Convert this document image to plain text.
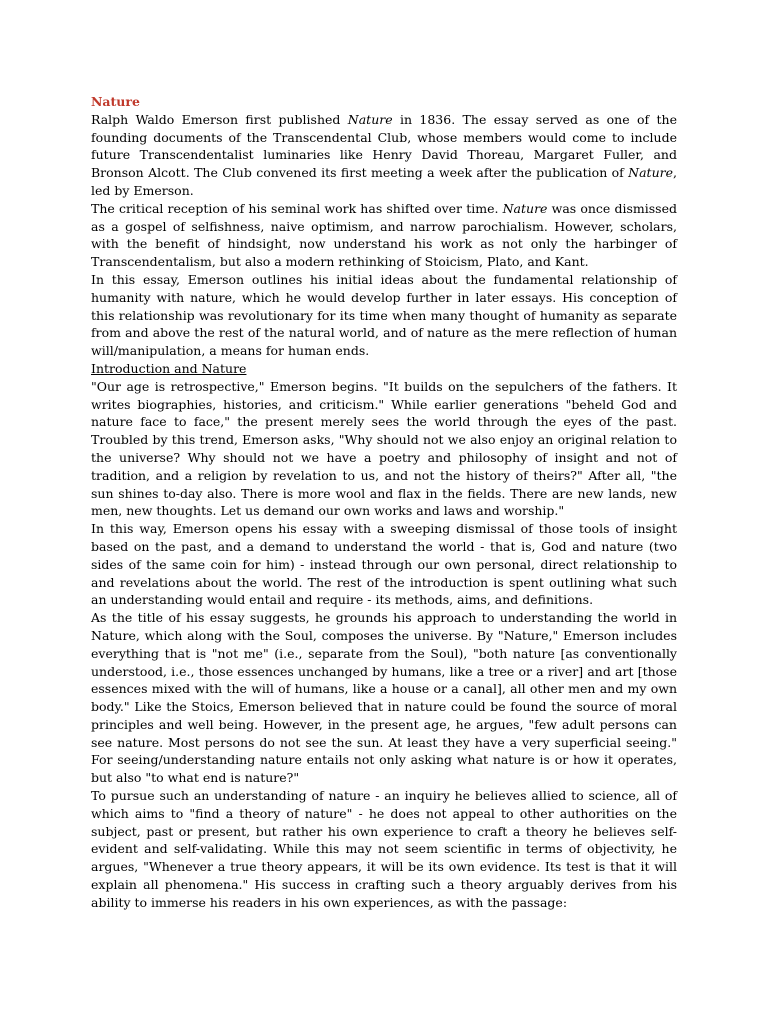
Nature

Ralph Waldo Emerson first published Nature in 1836. The essay served as one of the founding documents of the Transcendental Club, whose members would come to include future Transcendentalist luminaries like Henry David Thoreau, Margaret Fuller, and Bronson Alcott. The Club convened its first meeting a week after the publication of Nature, led by Emerson.

The critical reception of his seminal work has shifted over time. Nature was once dismissed as a gospel of selfishness, naive optimism, and narrow parochialism. However, scholars, with the benefit of hindsight, now understand his work as not only the harbinger of Transcendentalism, but also a modern rethinking of Stoicism, Plato, and Kant.

In this essay, Emerson outlines his initial ideas about the fundamental relationship of humanity with nature, which he would develop further in later essays. His conception of this relationship was revolutionary for its time when many thought of humanity as separate from and above the rest of the natural world, and of nature as the mere reflection of human will/manipulation, a means for human ends.

Introduction and Nature

"Our age is retrospective," Emerson begins. "It builds on the sepulchers of the fathers. It writes biographies, histories, and criticism." While earlier generations "beheld God and nature face to face," the present merely sees the world through the eyes of the past. Troubled by this trend, Emerson asks, "Why should not we also enjoy an original relation to the universe? Why should not we have a poetry and philosophy of insight and not of tradition, and a religion by revelation to us, and not the history of theirs?" After all, "the sun shines to-day also. There is more wool and flax in the fields. There are new lands, new men, new thoughts. Let us demand our own works and laws and worship."

In this way, Emerson opens his essay with a sweeping dismissal of those tools of insight based on the past, and a demand to understand the world - that is, God and nature (two sides of the same coin for him) - instead through our own personal, direct relationship to and revelations about the world. The rest of the introduction is spent outlining what such an understanding would entail and require - its methods, aims, and definitions.

As the title of his essay suggests, he grounds his approach to understanding the world in Nature, which along with the Soul, composes the universe. By "Nature," Emerson includes everything that is "not me" (i.e., separate from the Soul), "both nature [as conventionally understood, i.e., those essences unchanged by humans, like a tree or a river] and art [those essences mixed with the will of humans, like a house or a canal], all other men and my own body." Like the Stoics, Emerson believed that in nature could be found the source of moral principles and well being. However, in the present age, he argues, "few adult persons can see nature. Most persons do not see the sun. At least they have a very superficial seeing." For seeing/understanding nature entails not only asking what nature is or how it operates, but also "to what end is nature?"

To pursue such an understanding of nature - an inquiry he believes allied to science, all of which aims to "find a theory of nature" - he does not appeal to other authorities on the subject, past or present, but rather his own experience to craft a theory he believes self-evident and self-validating. While this may not seem scientific in terms of objectivity, he argues, "Whenever a true theory appears, it will be its own evidence. Its test is that it will explain all phenomena." His success in crafting such a theory arguably derives from his ability to immerse his readers in his own experiences, as with the passage:
